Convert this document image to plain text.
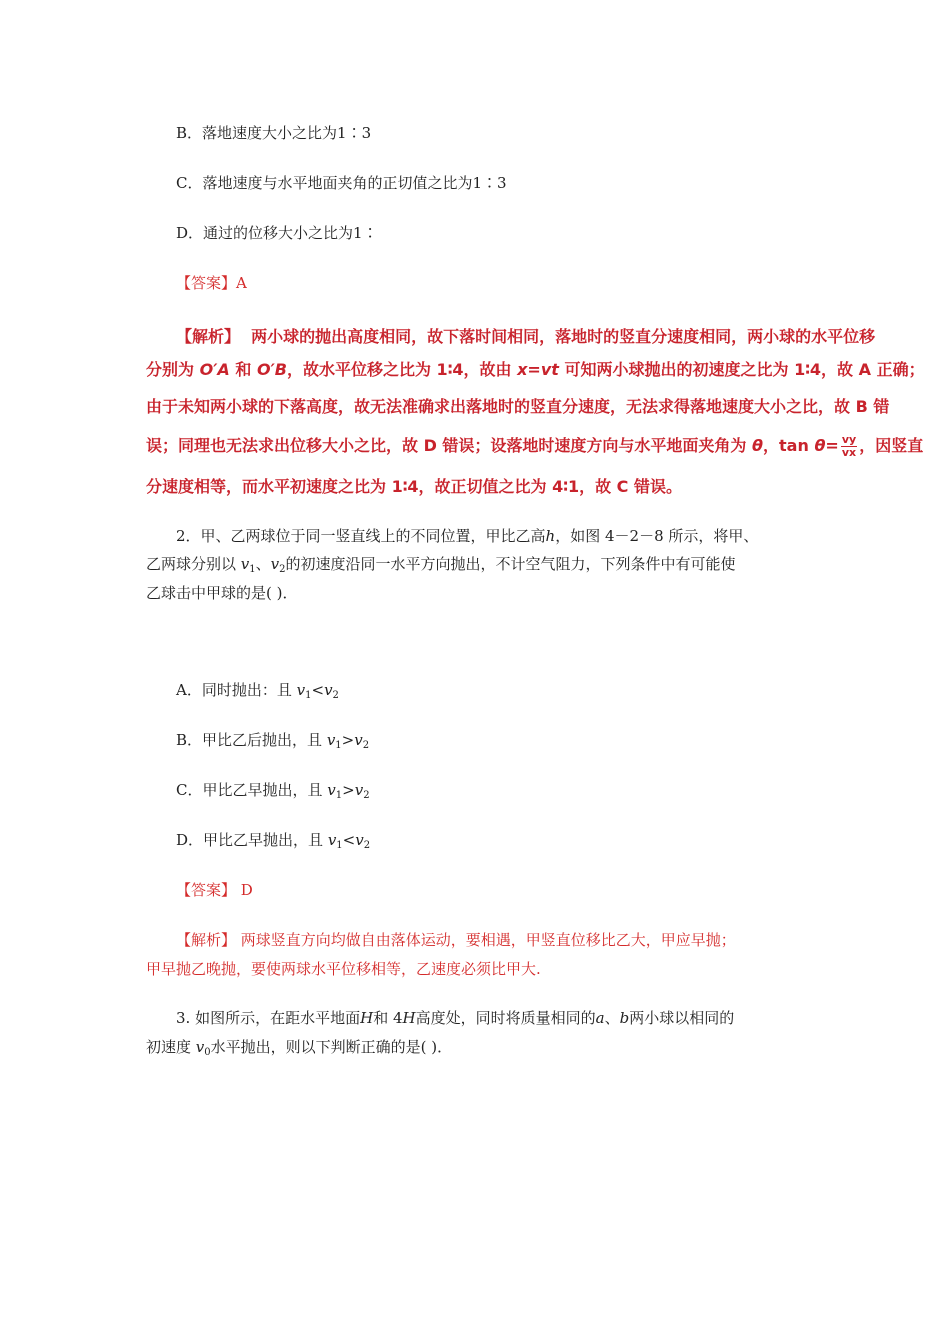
B．落地速度大小之比为1∶3
C．落地速度与水平地面夹角的正切值之比为1∶3
D．通过的位移大小之比为1∶
【答案】A
【解析】 两小球的抛出高度相同，故下落时间相同，落地时的竖直分速度相同，两小球的水平位移
分别为 O′A 和 O′B，故水平位移之比为 1∶4，故由 x=vt 可知两小球抛出的初速度之比为 1∶4，故 A 正确；
由于未知两小球的下落高度，故无法准确求出落地时的竖直分速度，无法求得落地速度大小之比，故 B 错
误；同理也无法求出位移大小之比，故 D 错误；设落地时速度方向与水平地面夹角为 θ，$\tan \theta= \frac{vy}{vx}$ ，因竖直
分速度相等，而水平初速度之比为 1∶4，故正切值之比为 4∶1，故 C 错误。
2．甲、乙两球位于同一竖直线上的不同位置，甲比乙高h，如图 4－2－8 所示，将甲、
乙两球分别以 $v_1$、$v_2$的初速度沿同一水平方向抛出，不计空气阻力，下列条件中有可能使
乙球击中甲球的是( )．
A．同时抛出：且 $v_1<v_2$
B．甲比乙后抛出，且 $v_1>v_2$
C．甲比乙早抛出，且 $v_1>v_2$
D．甲比乙早抛出，且 $v_1<v_2$
【答案】 D
【解析】 两球竖直方向均做自由落体运动，要相遇，甲竖直位移比乙大，甲应早抛；
甲早抛乙晚抛，要使两球水平位移相等，乙速度必须比甲大.
3. 如图所示，在距水平地面H和 4H高度处，同时将质量相同的a、b两小球以相同的
初速度 $v_0$水平抛出，则以下判断正确的是( )．
